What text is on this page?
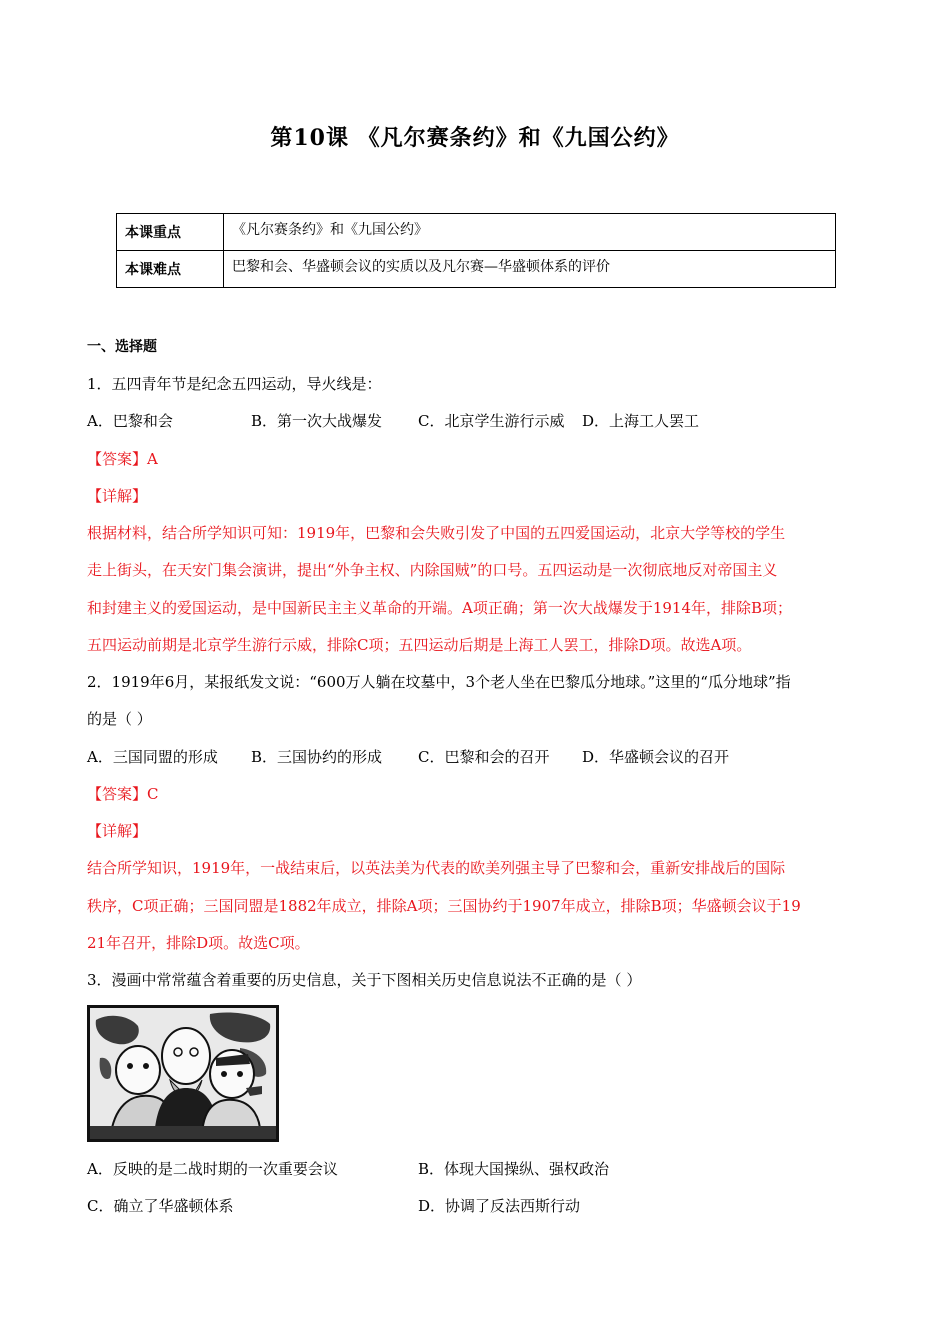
第10课 《凡尔赛条约》和《九国公约》
本课重点	《凡尔赛条约》和《九国公约》
本课难点	巴黎和会、华盛顿会议的实质以及凡尔赛—华盛顿体系的评价
一、选择题
1．五四青年节是纪念五四运动，导火线是：
A．巴黎和会	B．第一次大战爆发 C．北京学生游行示威 D．上海工人罢工
【答案】A
【详解】
根据材料，结合所学知识可知：1919年，巴黎和会失败引发了中国的五四爱国运动，北京大学等校的学生
走上街头，在天安门集会演讲，提出“外争主权、内除国贼”的口号。五四运动是一次彻底地反对帝国主义
和封建主义的爱国运动，是中国新民主主义革命的开端。A项正确；第一次大战爆发于1914年，排除B项；
五四运动前期是北京学生游行示威，排除C项；五四运动后期是上海工人罢工，排除D项。故选A项。
2．1919年6月，某报纸发文说：“600万人躺在坟墓中，3个老人坐在巴黎瓜分地球。”这里的“瓜分地球”指
的是（ ）
A．三国同盟的形成 B．三国协约的形成 C．巴黎和会的召开 D．华盛顿会议的召开
【答案】C
【详解】
结合所学知识，1919年，一战结束后，以英法美为代表的欧美列强主导了巴黎和会，重新安排战后的国际
秩序，C项正确；三国同盟是1882年成立，排除A项；三国协约于1907年成立，排除B项；华盛顿会议于19
21年召开，排除D项。故选C项。
3．漫画中常常蕴含着重要的历史信息，关于下图相关历史信息说法不正确的是（ ）
A．反映的是二战时期的一次重要会议	B．体现大国操纵、强权政治
C．确立了华盛顿体系	D．协调了反法西斯行动
